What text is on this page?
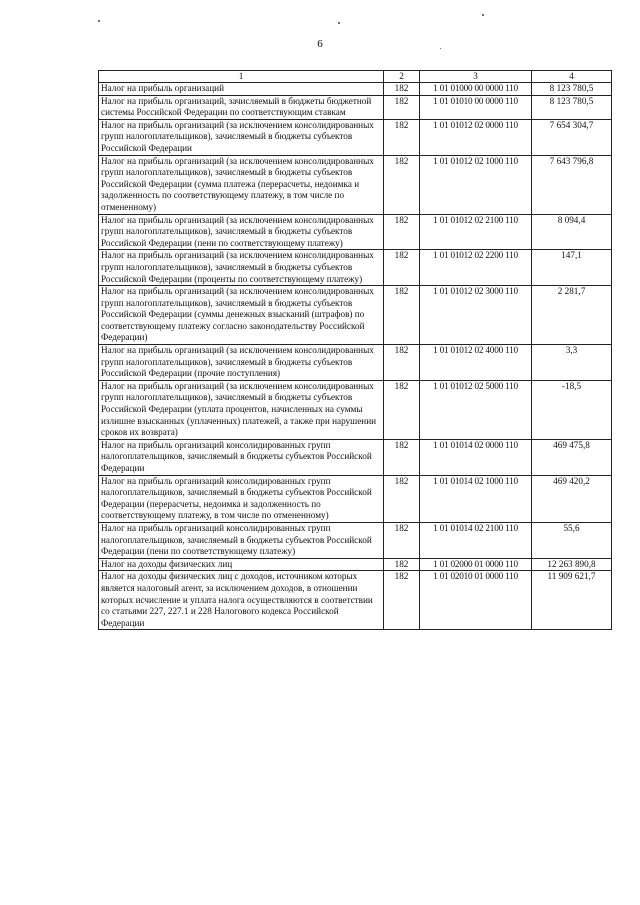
6
1	2	3	4
Налог на прибыль организаций	182	1 01 01000 00 0000 110	8 123 780,5
Налог на прибыль организаций, зачисляемый в бюджеты бюджетной системы Российской Федерации по соответствующим ставкам	182	1 01 01010 00 0000 110	8 123 780,5
Налог на прибыль организаций (за исключением консолидированных групп налогоплательщиков), зачисляемый в бюджеты субъектов Российской Федерации	182	1 01 01012 02 0000 110	7 654 304,7
Налог на прибыль организаций (за исключением консолидированных групп налогоплательщиков), зачисляемый в бюджеты субъектов Российской Федерации (сумма платежа (перерасчеты, недоимка и задолженность по соответствующему платежу, в том числе по отмененному)	182	1 01 01012 02 1000 110	7 643 796,8
Налог на прибыль организаций (за исключением консолидированных групп налогоплательщиков), зачисляемый в бюджеты субъектов Российской Федерации (пени по соответствующему платежу)	182	1 01 01012 02 2100 110	8 094,4
Налог на прибыль организаций (за исключением консолидированных групп налогоплательщиков), зачисляемый в бюджеты субъектов Российской Федерации (проценты по соответствующему платежу)	182	1 01 01012 02 2200 110	147,1
Налог на прибыль организаций (за исключением консолидированных групп налогоплательщиков), зачисляемый в бюджеты субъектов Российской Федерации (суммы денежных взысканий (штрафов) по соответствующему платежу согласно законодательству Российской Федерации)	182	1 01 01012 02 3000 110	2 281,7
Налог на прибыль организаций (за исключением консолидированных групп налогоплательщиков), зачисляемый в бюджеты субъектов Российской Федерации (прочие поступления)	182	1 01 01012 02 4000 110	3,3
Налог на прибыль организаций (за исключением консолидированных групп налогоплательщиков), зачисляемый в бюджеты субъектов Российской Федерации (уплата процентов, начисленных на суммы излишне взысканных (уплаченных) платежей, а также при нарушении сроков их возврата)	182	1 01 01012 02 5000 110	-18,5
Налог на прибыль организаций консолидированных групп налогоплательщиков, зачисляемый в бюджеты субъектов Российской Федерации	182	1 01 01014 02 0000 110	469 475,8
Налог на прибыль организаций консолидированных групп налогоплательщиков, зачисляемый в бюджеты субъектов Российской Федерации (перерасчеты, недоимка и задолженность по соответствующему платежу, в том числе по отмененному)	182	1 01 01014 02 1000 110	469 420,2
Налог на прибыль организаций консолидированных групп налогоплательщиков, зачисляемый в бюджеты субъектов Российской Федерации (пени по соответствующему платежу)	182	1 01 01014 02 2100 110	55,6
Налог на доходы физических лиц	182	1 01 02000 01 0000 110	12 263 890,8
Налог на доходы физических лиц с доходов, источником которых является налоговый агент, за исключением доходов, в отношении которых исчисление и уплата налога осуществляются в соответствии со статьями 227, 227.1 и 228 Налогового кодекса Российской Федерации	182	1 01 02010 01 0000 110	11 909 621,7
